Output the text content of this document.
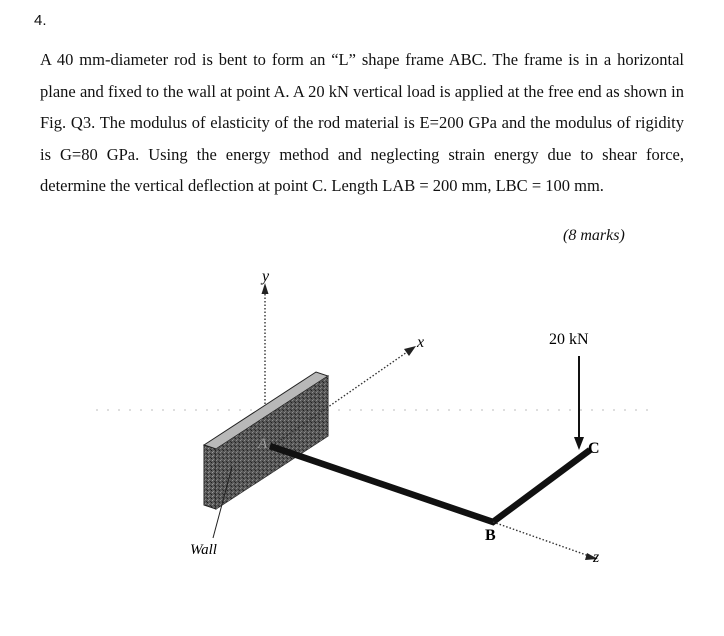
4.
A 40 mm-diameter rod is bent to form an “L” shape frame ABC. The frame is in a horizontal plane and fixed to the wall at point A. A 20 kN vertical load is applied at the free end as shown in Fig. Q3. The modulus of elasticity of the rod material is E=200 GPa and the modulus of rigidity is G=80 GPa. Using the energy method and neglecting strain energy due to shear force, determine the vertical deflection at point C. Length LAB = 200 mm, LBC = 100 mm.
(8 marks)
y
x
z
20 kN
A
B
C
Wall
